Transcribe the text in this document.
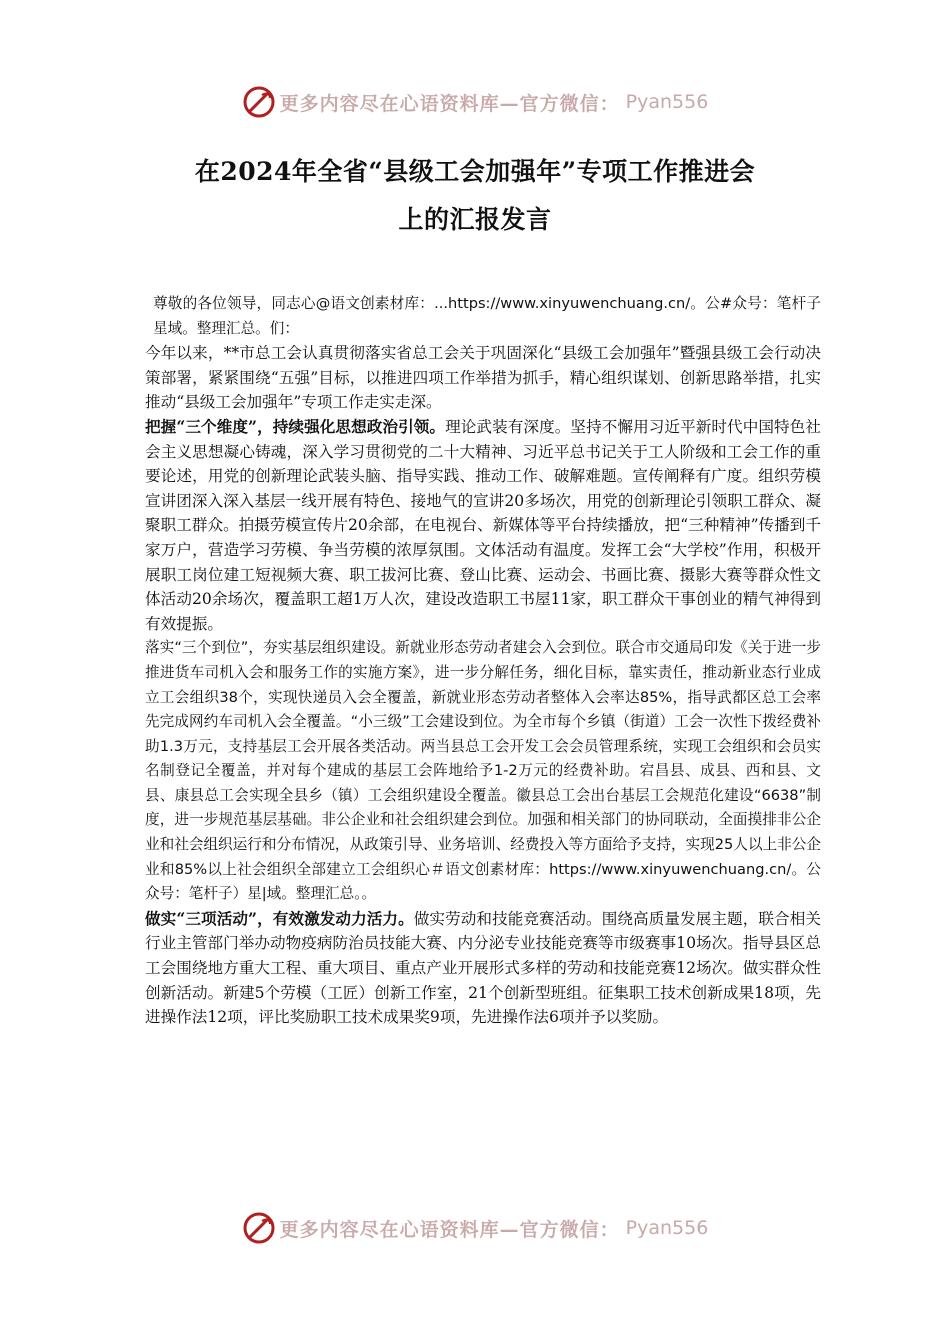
更多内容尽在心语资料库—官方微信： Pyan556
在2024年全省“县级工会加强年”专项工作推进会
上的汇报发言

尊敬的各位领导，同志心@语文创素材库：...https://www.xinyuwenchuang.cn/。公#众号：笔杆子星域。整理汇总。们：

今年以来，**市总工会认真贯彻落实省总工会关于巩固深化“县级工会加强年”暨强县级工会行动决策部署，紧紧围绕“五强”目标，以推进四项工作举措为抓手，精心组织谋划、创新思路举措，扎实推动“县级工会加强年”专项工作走实走深。

把握“三个维度”，持续强化思想政治引领。理论武装有深度。坚持不懈用习近平新时代中国特色社会主义思想凝心铸魂，深入学习贯彻党的二十大精神、习近平总书记关于工人阶级和工会工作的重要论述，用党的创新理论武装头脑、指导实践、推动工作、破解难题。宣传阐释有广度。组织劳模宣讲团深入深入基层一线开展有特色、接地气的宣讲20多场次，用党的创新理论引领职工群众、凝聚职工群众。拍摄劳模宣传片20余部，在电视台、新媒体等平台持续播放，把“三种精神”传播到千家万户，营造学习劳模、争当劳模的浓厚氛围。文体活动有温度。发挥工会“大学校”作用，积极开展职工岗位建工短视频大赛、职工拔河比赛、登山比赛、运动会、书画比赛、摄影大赛等群众性文体活动20余场次，覆盖职工超1万人次，建设改造职工书屋11家，职工群众干事创业的精气神得到有效提振。

落实“三个到位”，夯实基层组织建设。新就业形态劳动者建会入会到位。联合市交通局印发《关于进一步推进货车司机入会和服务工作的实施方案》，进一步分解任务，细化目标，靠实责任，推动新业态行业成立工会组织38个，实现快递员入会全覆盖，新就业形态劳动者整体入会率达85%，指导武都区总工会率先完成网约车司机入会全覆盖。“小三级”工会建设到位。为全市每个乡镇（街道）工会一次性下拨经费补助1.3万元，支持基层工会开展各类活动。两当县总工会开发工会会员管理系统，实现工会组织和会员实名制登记全覆盖，并对每个建成的基层工会阵地给予1-2万元的经费补助。宕昌县、成县、西和县、文县、康县总工会实现全县乡（镇）工会组织建设全覆盖。徽县总工会出台基层工会规范化建设“6638”制度，进一步规范基层基础。非公企业和社会组织建会到位。加强和相关部门的协同联动，全面摸排非公企业和社会组织运行和分布情况，从政策引导、业务培训、经费投入等方面给予支持，实现25人以上非公企业和85%以上社会组织全部建立工会组织心＃语文创素材库：https://www.xinyuwenchuang.cn/。公众号：笔杆子）星|域。整理汇总。。

做实“三项活动”，有效激发动力活力。做实劳动和技能竞赛活动。围绕高质量发展主题，联合相关行业主管部门举办动物疫病防治员技能大赛、内分泌专业技能竞赛等市级赛事10场次。指导县区总工会围绕地方重大工程、重大项目、重点产业开展形式多样的劳动和技能竞赛12场次。做实群众性创新活动。新建5个劳模（工匠）创新工作室，21个创新型班组。征集职工技术创新成果18项，先进操作法12项，评比奖励职工技术成果奖9项，先进操作法6项并予以奖励。

更多内容尽在心语资料库—官方微信： Pyan556
